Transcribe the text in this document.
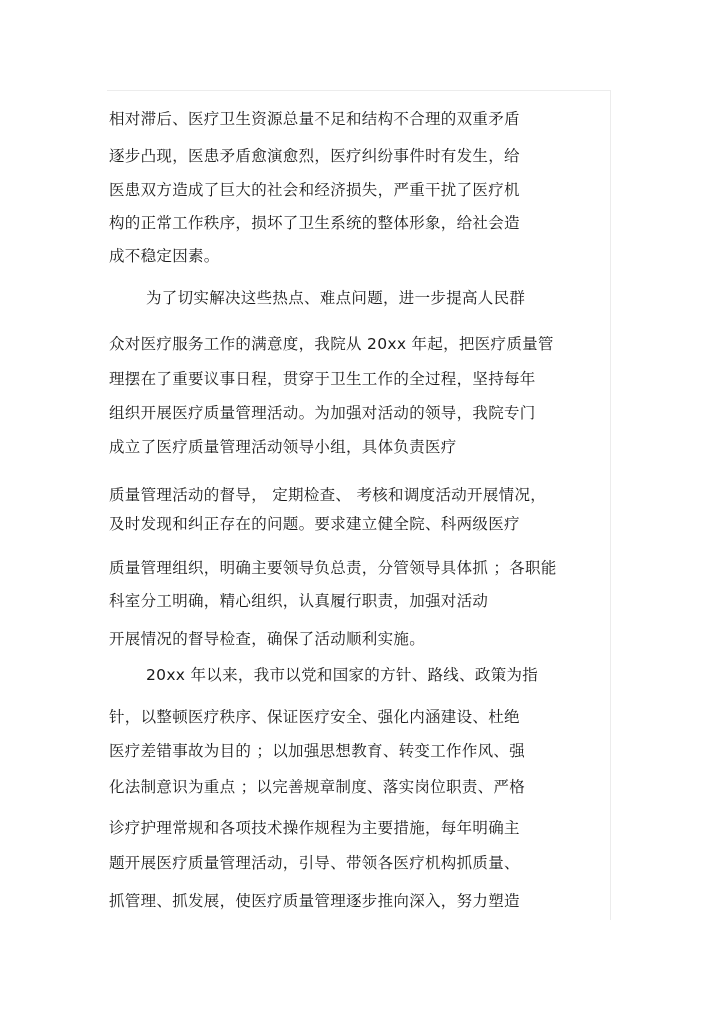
相对滞后、医疗卫生资源总量不足和结构不合理的双重矛盾

逐步凸现，医患矛盾愈演愈烈，医疗纠纷事件时有发生，给

医患双方造成了巨大的社会和经济损失，严重干扰了医疗机

构的正常工作秩序，损坏了卫生系统的整体形象，给社会造

成不稳定因素。

为了切实解决这些热点、难点问题，进一步提高人民群

众对医疗服务工作的满意度，我院从 20xx 年起，把医疗质量管

理摆在了重要议事日程，贯穿于卫生工作的全过程，坚持每年

组织开展医疗质量管理活动。为加强对活动的领导，我院专门

成立了医疗质量管理活动领导小组，具体负责医疗

质量管理活动的督导， 定期检查、 考核和调度活动开展情况，

及时发现和纠正存在的问题。要求建立健全院、科两级医疗

质量管理组织，明确主要领导负总责，分管领导具体抓 ；各职能

科室分工明确，精心组织，认真履行职责，加强对活动

开展情况的督导检查，确保了活动顺利实施。

20xx 年以来，我市以党和国家的方针、路线、政策为指

针，以整顿医疗秩序、保证医疗安全、强化内涵建设、杜绝

医疗差错事故为目的 ；以加强思想教育、转变工作作风、强

化法制意识为重点 ；以完善规章制度、落实岗位职责、严格

诊疗护理常规和各项技术操作规程为主要措施，每年明确主

题开展医疗质量管理活动，引导、带领各医疗机构抓质量、

抓管理、抓发展，使医疗质量管理逐步推向深入，努力塑造
